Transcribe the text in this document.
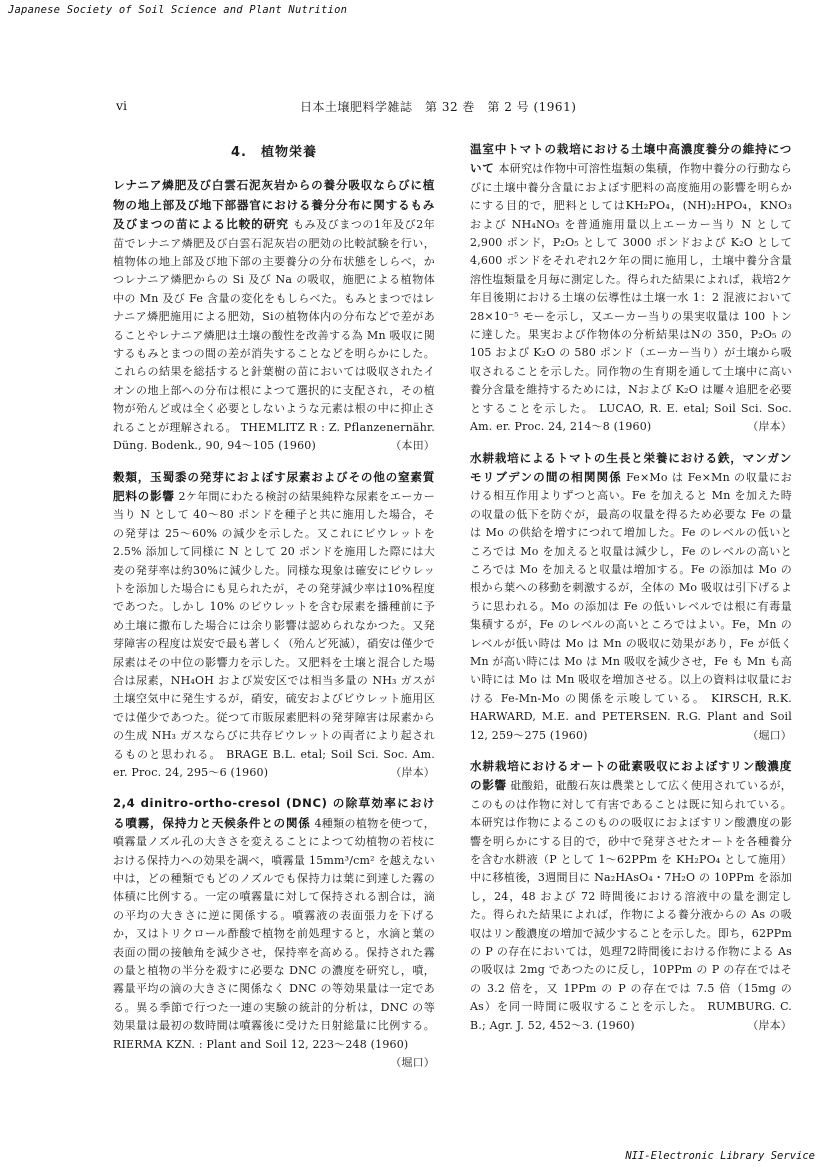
Japanese Society of Soil Science and Plant Nutrition
vi	日本土壌肥料学雑誌　第 32 巻　第 2 号 (1961)
4.　植物栄養
レナニア燐肥及び白雲石泥灰岩からの養分吸収ならびに植物の地上部及び地下部器官における養分分布に関するもみ及びまつの苗による比較的研究 もみ及びまつの1年及び2年苗でレナニア燐肥及び白雲石泥灰岩の肥効の比較試験を行い，植物体の地上部及び地下部の主要養分の分布状態をしらべ，かつレナニア燐肥からの Si 及び Na の吸収，施肥による植物体中の Mn 及び Fe 含量の変化をもしらべた。もみとまつではレナニア燐肥施用による肥効，Siの植物体内の分布などで差があることやレナニア燐肥は土壌の酸性を改善する為 Mn 吸収に関するもみとまつの間の差が消失することなどを明らかにした。これらの結果を総括すると針葉樹の苗においては吸収されたイオンの地上部への分布は根によつて選択的に支配され，その植物が殆んど或は全く必要としないような元素は根の中に抑止されることが理解される。 THEMLITZ R : Z. Pflanzenernähr. Düng. Bodenk., 90, 94〜105 (1960)	（本田）
穀類，玉蜀黍の発芽におよぼす尿素およびその他の窒素質肥料の影響 2ケ年間にわたる検討の結果純粋な尿素をエーカー当り N として 40〜80 ポンドを種子と共に施用した場合，その発芽は 25〜60% の減少を示した。又これにビウレットを 2.5% 添加して同様に N として 20 ポンドを施用した際には大麦の発芽率は約30%に減少した。同様な現象は確安にビウレットを添加した場合にも見られたが，その発芽減少率は10%程度であつた。しかし 10% のビウレットを含む尿素を播種前に予め土壌に撒布した場合には余り影響は認められなかつた。又発芽障害の程度は炭安で最も著しく（殆んど死滅），硝安は僅少で尿素はその中位の影響力を示した。又肥料を土壌と混合した場合は尿素，NH₄OH および炭安区では相当多量の NH₃ ガスが土壌空気中に発生するが，硝安，硫安およびビウレット施用区では僅少であつた。従つて市販尿素肥料の発芽障害は尿素からの生成 NH₃ ガスならびに共存ビウレットの両者により起されるものと思われる。 BRAGE B.L. etal; Soil Sci. Soc. Am. er. Proc. 24, 295〜6 (1960)	（岸本）
2,4 dinitro-ortho-cresol (DNC) の除草効率における噴霧，保持力と天候条件との関係 4種類の植物を使つて，噴霧量ノズル孔の大きさを変えることによつて幼植物の若枝における保持力への効果を調べ，噴霧量 15mm³/cm² を越えない中は，どの種類でもどのノズルでも保持力は葉に到達した霧の体積に比例する。一定の噴霧量に対して保持される割合は，滴の平均の大きさに逆に関係する。噴霧液の表面張力を下げるか，又はトリクロール酢酸で植物を前処理すると，水滴と葉の表面の間の接触角を減少させ，保持率を高める。保持された霧の量と植物の半分を殺すに必要な DNC の濃度を研究し，噴，霧量平均の滴の大きさに関係なく DNC の等効果量は一定である。異る季節で行つた一連の実験の統計的分析は，DNC の等効果量は最初の数時間は噴霧後に受けた日射総量に比例する。 RIERMA KZN. : Plant and Soil 12, 223〜248 (1960)
（堀口）
温室中トマトの栽培における土壌中高濃度養分の維持について 本研究は作物中可溶性塩類の集積，作物中養分の行動ならびに土壌中養分含量におよぼす肥料の高度施用の影響を明らかにする目的で，肥料としてはKH₂PO₄，(NH)₂HPO₄，KNO₃ および NH₄NO₃ を普通施用量以上エーカー当り N として 2,900 ポンド，P₂O₅ として 3000 ポンドおよび K₂O として 4,600 ポンドをそれぞれ2ケ年の間に施用し，土壌中養分含量溶性塩類量を月毎に測定した。得られた結果によれば，栽培2ケ年目後期における土壌の伝導性は土壌一水 1：2 混液において 28×10⁻⁵ モーを示し，又エーカー当りの果実収量は 100 トンに達した。果実および作物体の分析結果はNの 350，P₂O₅ の 105 および K₂O の 580 ポンド（エーカー当り）が土壌から吸収されることを示した。同作物の生育期を通して土壌中に高い養分含量を維持するためには，Nおよび K₂O は屢々追肥を必要とすることを示した。 LUCAO, R. E. etal; Soil Sci. Soc. Am. er. Proc. 24, 214〜8 (1960)	（岸本）
水耕栽培によるトマトの生長と栄養における鉄，マンガンモリブデンの間の相関関係 Fe×Mo は Fe×Mn の収量における相互作用よりずつと高い。Fe を加えると Mn を加えた時の収量の低下を防ぐが，最高の収量を得るため必要な Fe の量は Mo の供給を増すにつれて増加した。Fe のレベルの低いところでは Mo を加えると収量は減少し，Fe のレベルの高いところでは Mo を加えると収量は増加する。Fe の添加は Mo の根から葉への移動を刺激するが，全体の Mo 吸収は引下げるように思われる。Mo の添加は Fe の低いレベルでは根に有毒量集積するが，Fe のレベルの高いところではよい。Fe，Mn のレベルが低い時は Mo は Mn の吸収に効果があり，Fe が低く Mn が高い時には Mo は Mn 吸収を減少させ，Fe も Mn も高い時には Mo は Mn 吸収を増加させる。以上の資料は収量における Fe-Mn-Mo の関係を示唆している。 KIRSCH, R.K. HARWARD, M.E. and PETERSEN. R.G. Plant and Soil 12, 259〜275 (1960)	（堀口）
水耕栽培におけるオートの砒素吸収におよぼすリン酸濃度の影響 砒酸鉛，砒酸石灰は農業として広く使用されているが，このものは作物に対して有害であることは既に知られている。本研究は作物によるこのものの吸収におよぼすリン酸濃度の影響を明らかにする目的で，砂中で発芽させたオートを各種養分を含む水耕液（P として 1〜62PPm を KH₂PO₄ として施用）中に移植後，3週間目に Na₂HAsO₄・7H₂O の 10PPm を添加し，24，48 および 72 時間後における溶液中の量を測定した。得られた結果によれば，作物による養分液からの As の吸収はリン酸濃度の増加で減少することを示した。即ち，62PPm の P の存在においては，処理72時間後における作物による As の吸収は 2mg であつたのに反し，10PPm の P の存在ではその 3.2 倍を，又 1PPm の P の存在では 7.5 倍（15mg の As）を同一時間に吸収することを示した。 RUMBURG. C. B.; Agr. J. 52, 452〜3. (1960)	（岸本）
NII-Electronic Library Service
